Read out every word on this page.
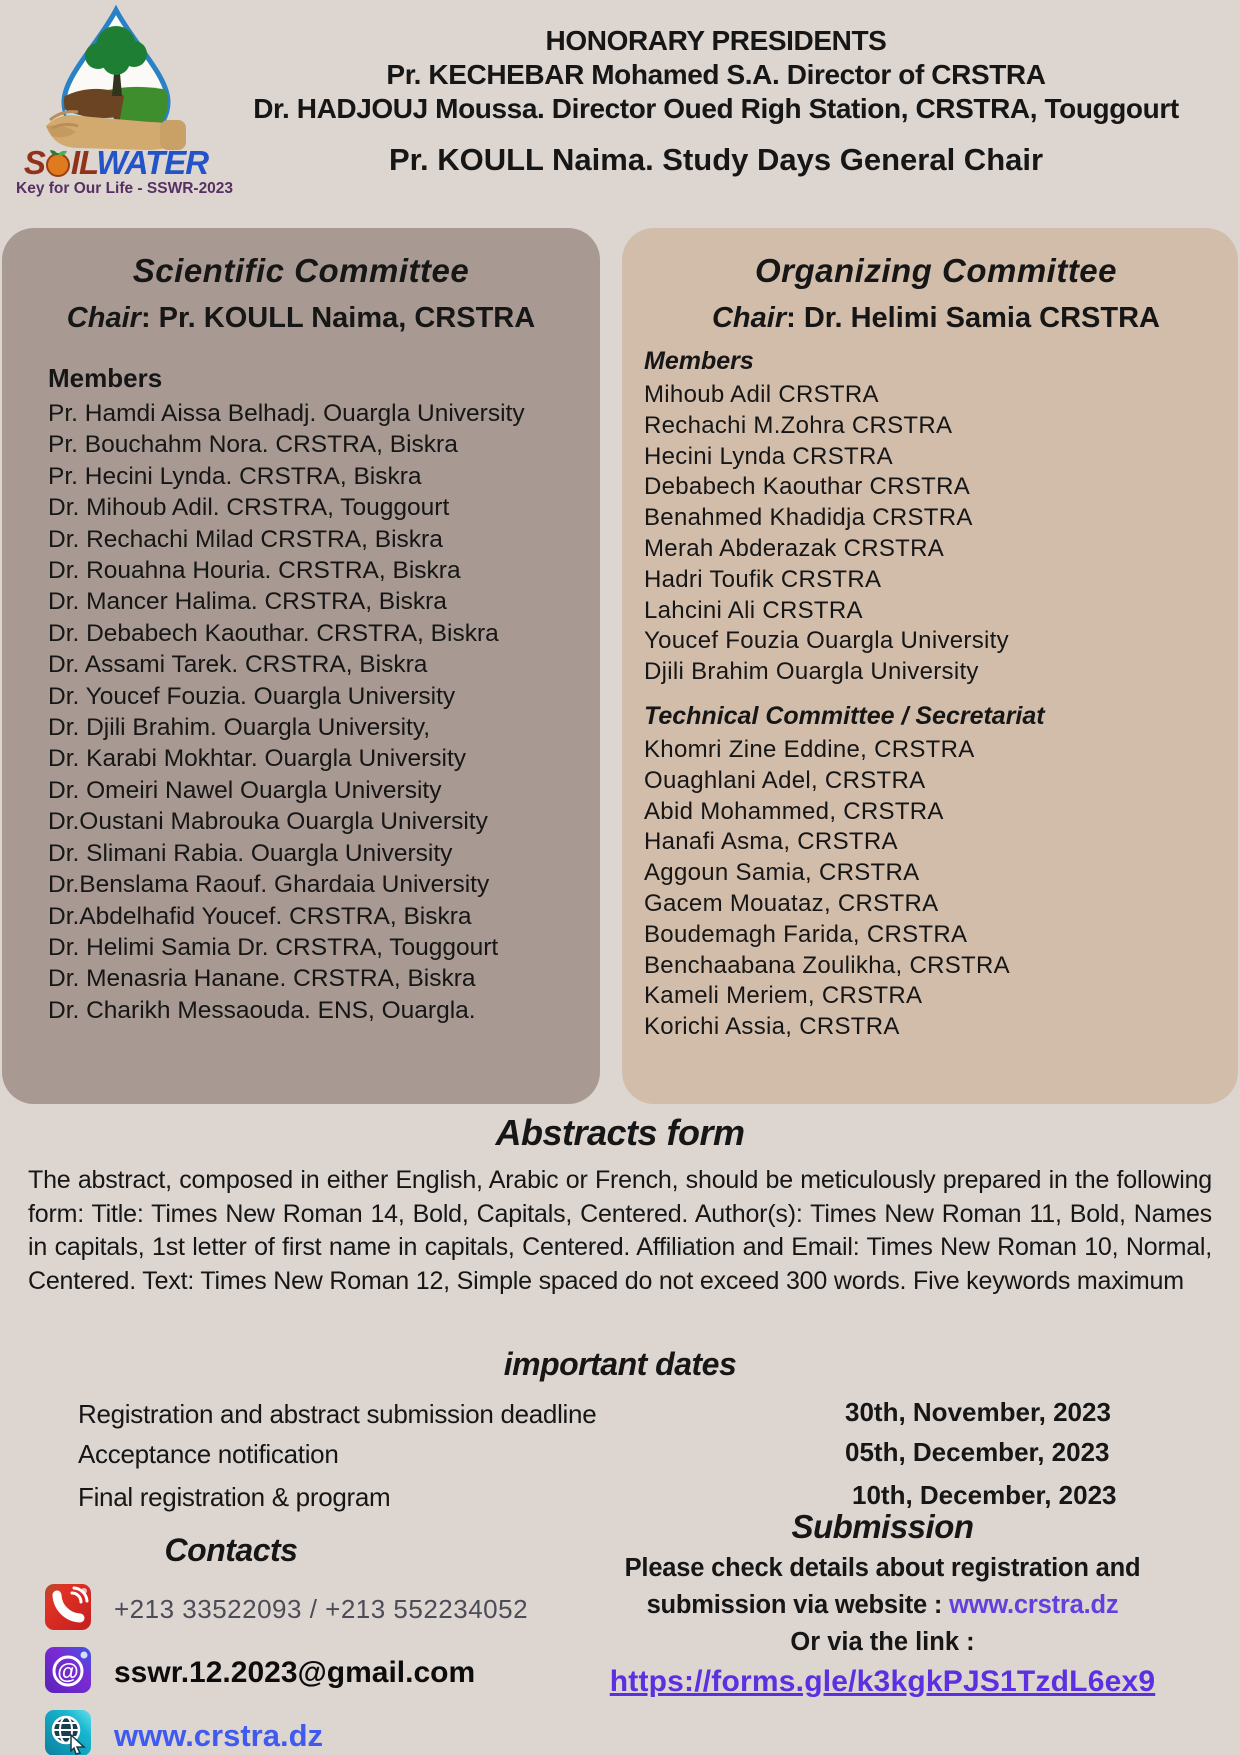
S ILWATER
Key for Our Life - SSWR-2023
HONORARY PRESIDENTS
Pr. KECHEBAR Mohamed S.A. Director of CRSTRA
Dr. HADJOUJ Moussa. Director Oued Righ Station, CRSTRA, Touggourt
Pr. KOULL Naima. Study Days General Chair
Scientific Committee
Chair: Pr. KOULL Naima, CRSTRA
Members
Pr. Hamdi Aissa Belhadj. Ouargla University
Pr. Bouchahm Nora. CRSTRA, Biskra
Pr. Hecini Lynda. CRSTRA, Biskra
Dr. Mihoub Adil. CRSTRA, Touggourt
Dr. Rechachi Milad CRSTRA, Biskra
Dr. Rouahna Houria. CRSTRA, Biskra
Dr. Mancer Halima. CRSTRA, Biskra
Dr. Debabech Kaouthar. CRSTRA, Biskra
Dr. Assami Tarek. CRSTRA, Biskra
Dr. Youcef Fouzia. Ouargla University
Dr. Djili Brahim. Ouargla University,
Dr. Karabi Mokhtar. Ouargla University
Dr. Omeiri Nawel Ouargla University
Dr.Oustani Mabrouka Ouargla University
Dr. Slimani Rabia. Ouargla University
Dr.Benslama Raouf. Ghardaia University
Dr.Abdelhafid Youcef. CRSTRA, Biskra
Dr. Helimi Samia Dr. CRSTRA, Touggourt
Dr. Menasria Hanane. CRSTRA, Biskra
Dr. Charikh Messaouda. ENS, Ouargla.
Organizing Committee
Chair: Dr. Helimi Samia CRSTRA
Members
Mihoub Adil CRSTRA
Rechachi M.Zohra CRSTRA
Hecini Lynda CRSTRA
Debabech Kaouthar CRSTRA
Benahmed Khadidja CRSTRA
Merah Abderazak CRSTRA
Hadri Toufik CRSTRA
Lahcini Ali CRSTRA
Youcef Fouzia Ouargla University
Djili Brahim Ouargla University
Technical Committee / Secretariat
Khomri Zine Eddine, CRSTRA
Ouaghlani Adel, CRSTRA
Abid Mohammed, CRSTRA
Hanafi Asma, CRSTRA
Aggoun Samia, CRSTRA
Gacem Mouataz, CRSTRA
Boudemagh Farida, CRSTRA
Benchaabana Zoulikha, CRSTRA
Kameli Meriem, CRSTRA
Korichi Assia, CRSTRA
Abstracts form
The abstract, composed in either English, Arabic or French, should be meticulously prepared in the following form: Title: Times New Roman 14, Bold, Capitals, Centered. Author(s): Times New Roman 11, Bold, Names in capitals, 1st letter of first name in capitals, Centered. Affiliation and Email: Times New Roman 10, Normal, Centered. Text: Times New Roman 12, Simple spaced do not exceed 300 words. Five keywords maximum
important dates
Registration and abstract submission deadline	30th, November, 2023
Acceptance notification	05th, December, 2023
Final registration & program	10th, December, 2023
Contacts
+213 33522093 / +213 552234052
@ sswr.12.2023@gmail.com
www.crstra.dz
Submission
Please check details about registration and
submission via website : www.crstra.dz
Or via the link :
https://forms.gle/k3kgkPJS1TzdL6ex9
